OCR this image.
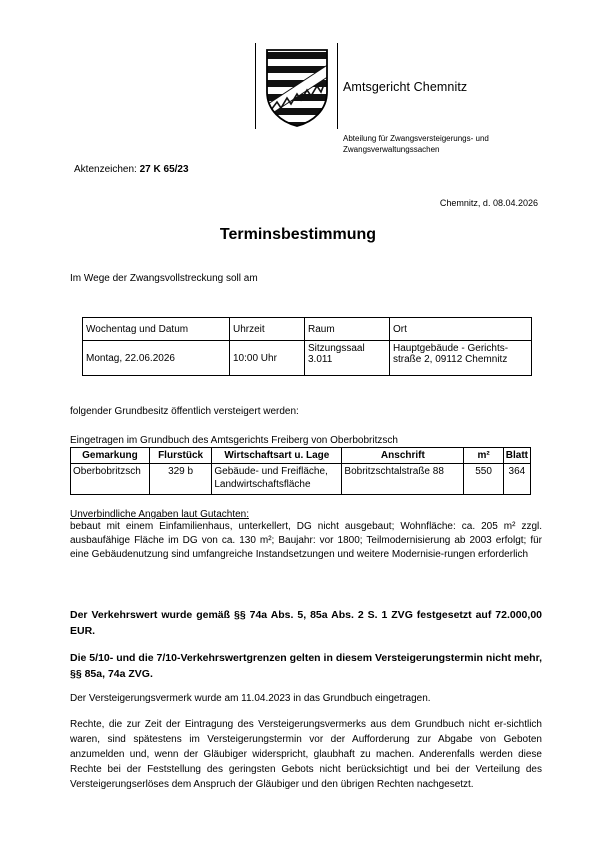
Amtsgericht Chemnitz
Abteilung für Zwangsversteigerungs- und Zwangsverwaltungssachen
Aktenzeichen: 27 K 65/23
Chemnitz, d. 08.04.2026
Terminsbestimmung
Im Wege der Zwangsvollstreckung soll am
Wochentag und Datum	Uhrzeit	Raum	Ort
Montag, 22.06.2026	10:00 Uhr	Sitzungssaal 3.011	Hauptgebäude - Gerichts-straße 2, 09112 Chemnitz
folgender Grundbesitz öffentlich versteigert werden:
Eingetragen im Grundbuch des Amtsgerichts Freiberg von Oberbobritzsch
Gemarkung	Flurstück	Wirtschaftsart u. Lage	Anschrift	m²	Blatt
Oberbobritzsch	329 b	Gebäude- und Freifläche, Landwirtschaftsfläche	Bobritzschtalstraße 88	550	364
Unverbindliche Angaben laut Gutachten:
bebaut mit einem Einfamilienhaus, unterkellert, DG nicht ausgebaut; Wohnfläche: ca. 205 m² zzgl. ausbaufähige Fläche im DG von ca. 130 m²; Baujahr: vor 1800; Teilmodernisierung ab 2003 erfolgt; für eine Gebäudenutzung sind umfangreiche Instandsetzungen und weitere Modernisie-rungen erforderlich
Der Verkehrswert wurde gemäß §§ 74a Abs. 5, 85a Abs. 2 S. 1 ZVG festgesetzt auf 72.000,00 EUR.
Die 5/10- und die 7/10-Verkehrswertgrenzen gelten in diesem Versteigerungstermin nicht mehr, §§ 85a, 74a ZVG.
Der Versteigerungsvermerk wurde am 11.04.2023 in das Grundbuch eingetragen.
Rechte, die zur Zeit der Eintragung des Versteigerungsvermerks aus dem Grundbuch nicht er-sichtlich waren, sind spätestens im Versteigerungstermin vor der Aufforderung zur Abgabe von Geboten anzumelden und, wenn der Gläubiger widerspricht, glaubhaft zu machen. Anderenfalls werden diese Rechte bei der Feststellung des geringsten Gebots nicht berücksichtigt und bei der Verteilung des Versteigerungserlöses dem Anspruch der Gläubiger und den übrigen Rechten nachgesetzt.
